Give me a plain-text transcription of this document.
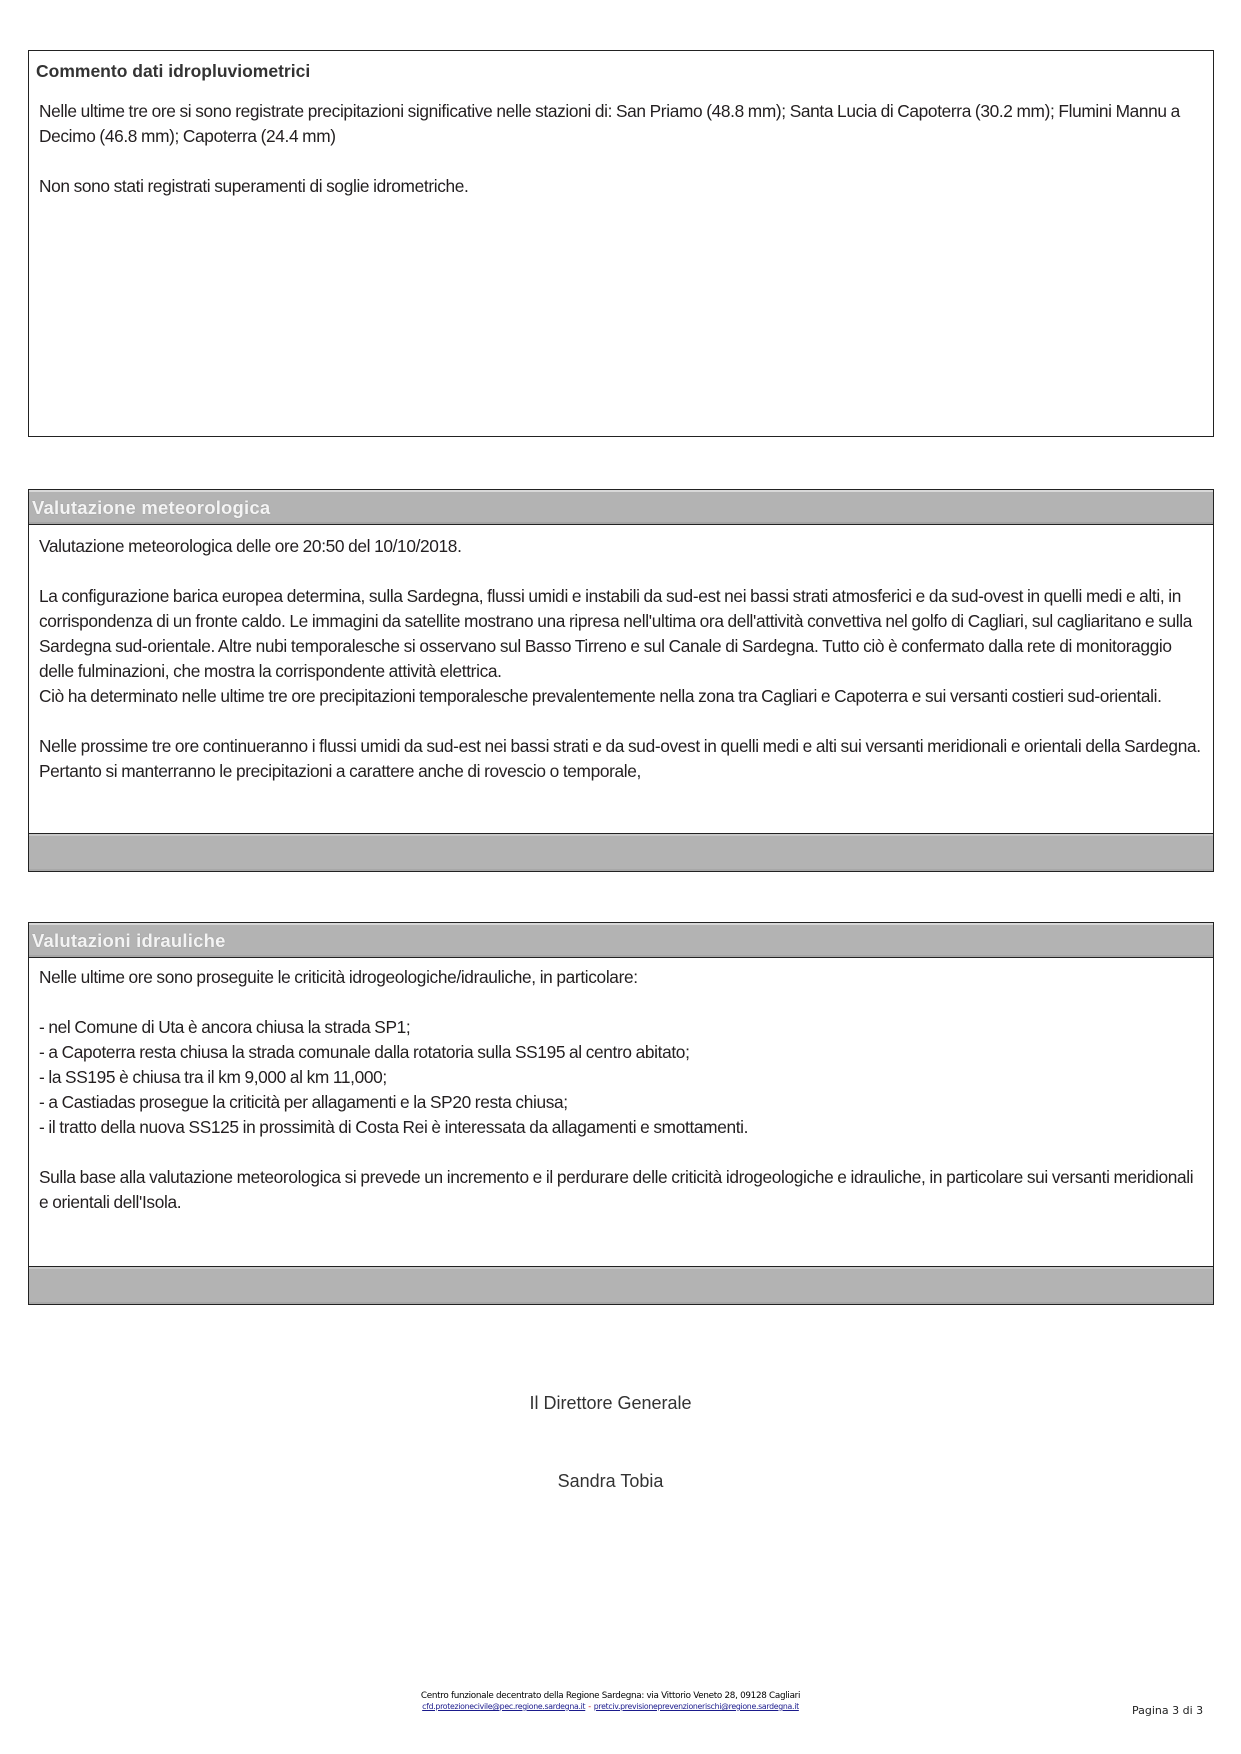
Commento dati idropluviometrici

Nelle ultime tre ore si sono registrate precipitazioni significative nelle stazioni di: San Priamo (48.8 mm); Santa Lucia di Capoterra (30.2 mm); Flumini Mannu a Decimo (46.8 mm); Capoterra (24.4 mm)

Non sono stati registrati superamenti di soglie idrometriche.

Valutazione meteorologica

Valutazione meteorologica delle ore 20:50 del 10/10/2018.

La configurazione barica europea determina, sulla Sardegna, flussi umidi e instabili da sud-est nei bassi strati atmosferici e da sud-ovest in quelli medi e alti, in corrispondenza di un fronte caldo. Le immagini da satellite mostrano una ripresa nell'ultima ora dell'attività convettiva nel golfo di Cagliari, sul cagliaritano e sulla Sardegna sud-orientale. Altre nubi temporalesche si osservano sul Basso Tirreno e sul Canale di Sardegna. Tutto ciò è confermato dalla rete di monitoraggio delle fulminazioni, che mostra la corrispondente attività elettrica.

Ciò ha determinato nelle ultime tre ore precipitazioni temporalesche prevalentemente nella zona tra Cagliari e Capoterra e sui versanti costieri sud-orientali.

Nelle prossime tre ore continueranno i flussi umidi da sud-est nei bassi strati e da sud-ovest in quelli medi e alti sui versanti meridionali e orientali della Sardegna. Pertanto si manterranno le precipitazioni a carattere anche di rovescio o temporale,

Valutazioni idrauliche

Nelle ultime ore sono proseguite le criticità idrogeologiche/idrauliche, in particolare:

- nel Comune di Uta è ancora chiusa la strada SP1;

- a Capoterra resta chiusa la strada comunale dalla rotatoria sulla SS195 al centro abitato;

- la SS195 è chiusa tra il km 9,000 al km 11,000;

- a Castiadas prosegue la criticità per allagamenti e la SP20 resta chiusa;

- il tratto della nuova SS125 in prossimità di Costa Rei è interessata da allagamenti e smottamenti.

Sulla base alla valutazione meteorologica si prevede un incremento e il perdurare delle criticità idrogeologiche e idrauliche, in particolare sui versanti meridionali e orientali dell'Isola.

Il Direttore Generale
Sandra Tobia
Centro funzionale decentrato della Regione Sardegna: via Vittorio Veneto 28, 09128 Cagliari
cfd.protezionecivile@pec.regione.sardegna.it - pretciv.previsioneprevenzionerischi@regione.sardegna.it	Pagina 3 di 3
